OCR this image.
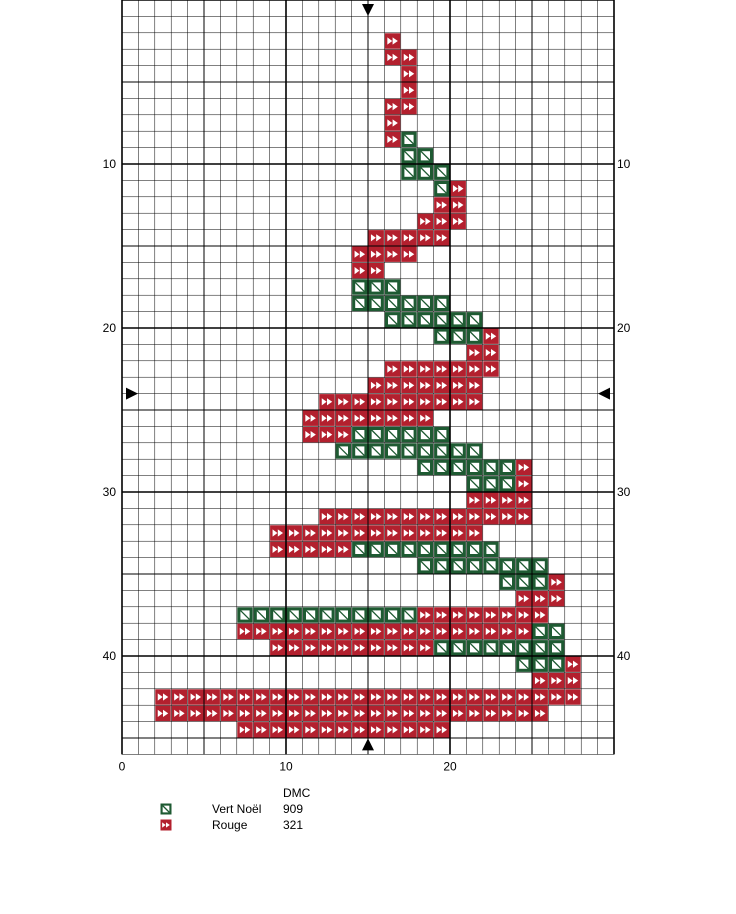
10	10
20	20
30	30
40	40
0	10	20
DMC
Vert Noël 909
Rouge	321
